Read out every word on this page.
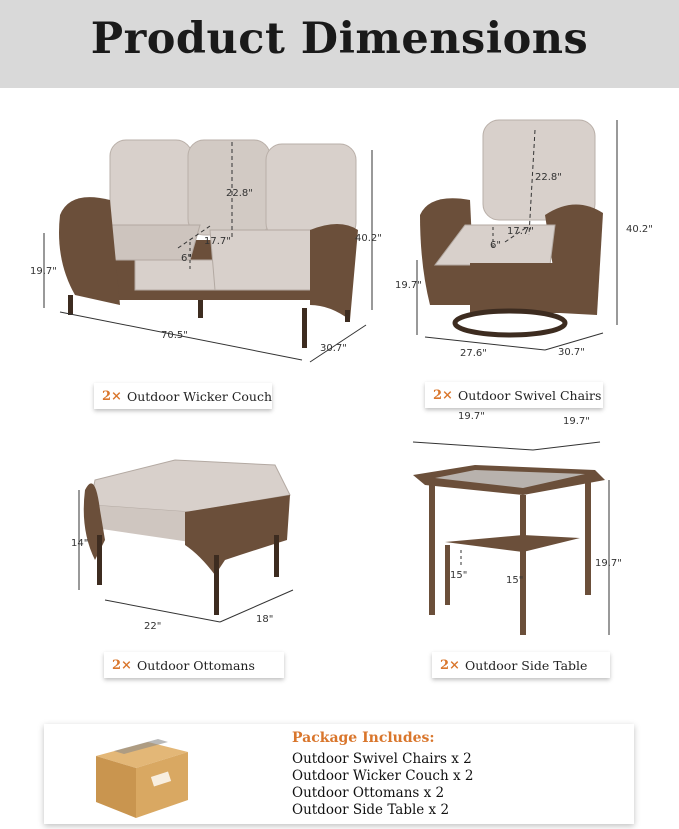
Product Dimensions
22.8"
17.7"
6"
40.2"
19.7"
70.5"
30.7"
2× Outdoor Wicker Couch
22.8"
17.7"
6"
40.2"
19.7"
27.6"	30.7"
2× Outdoor Swivel Chairs
14"
22"
18"
2× Outdoor Ottomans
19.7"	19.7"
19.7"
15"	15"
2× Outdoor Side Table
Package Includes:
Outdoor Swivel Chairs x 2
Outdoor Wicker Couch x 2
Outdoor Ottomans x 2
Outdoor Side Table x 2
